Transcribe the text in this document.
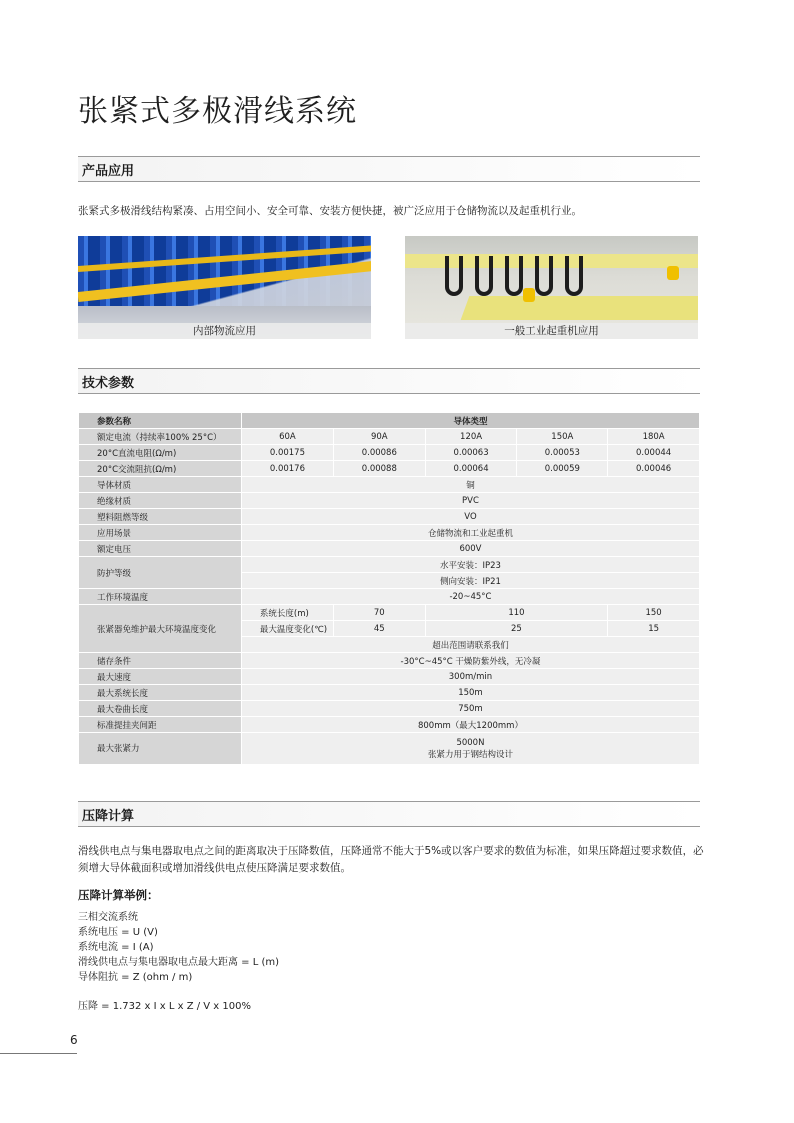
张紧式多极滑线系统
产品应用
张紧式多极滑线结构紧凑、占用空间小、安全可靠、安装方便快捷，被广泛应用于仓储物流以及起重机行业。
内部物流应用	一般工业起重机应用
技术参数
参数名称	导体类型				
额定电流（持续率100% 25°C）	60A	90A	120A	150A	180A
20°C直流电阻(Ω/m)	0.00175	0.00086	0.00063	0.00053	0.00044
20°C交流阻抗(Ω/m)	0.00176	0.00088	0.00064	0.00059	0.00046
导体材质	铜				
绝缘材质	PVC				
塑料阻燃等级	VO				
应用场景	仓储物流和工业起重机				
额定电压	600V				
防护等级	水平安装：IP23				
	侧向安装：IP21				
工作环境温度	-20~45°C				
张紧器免维护最大环境温度变化	系统长度(m)	70	110		150
	最大温度变化(℃)	45	25		15
	超出范围请联系我们				
储存条件	-30°C~45°C 干燥防紫外线，无冷凝				
最大速度	300m/min				
最大系统长度	150m				
最大卷曲长度	750m				
标准提挂夹间距	800mm（最大1200mm）				
最大张紧力	5000N
张紧力用于钢结构设计				
压降计算
滑线供电点与集电器取电点之间的距离取决于压降数值，压降通常不能大于5%或以客户要求的数值为标准，如果压降超过要求数值，必须增大导体截面积或增加滑线供电点使压降满足要求数值。
压降计算举例：
三相交流系统
系统电压 = U (V)
系统电流 = I (A)
滑线供电点与集电器取电点最大距离 = L (m)
导体阻抗 = Z (ohm / m)
压降 = 1.732 x I x L x Z / V x 100%
6
